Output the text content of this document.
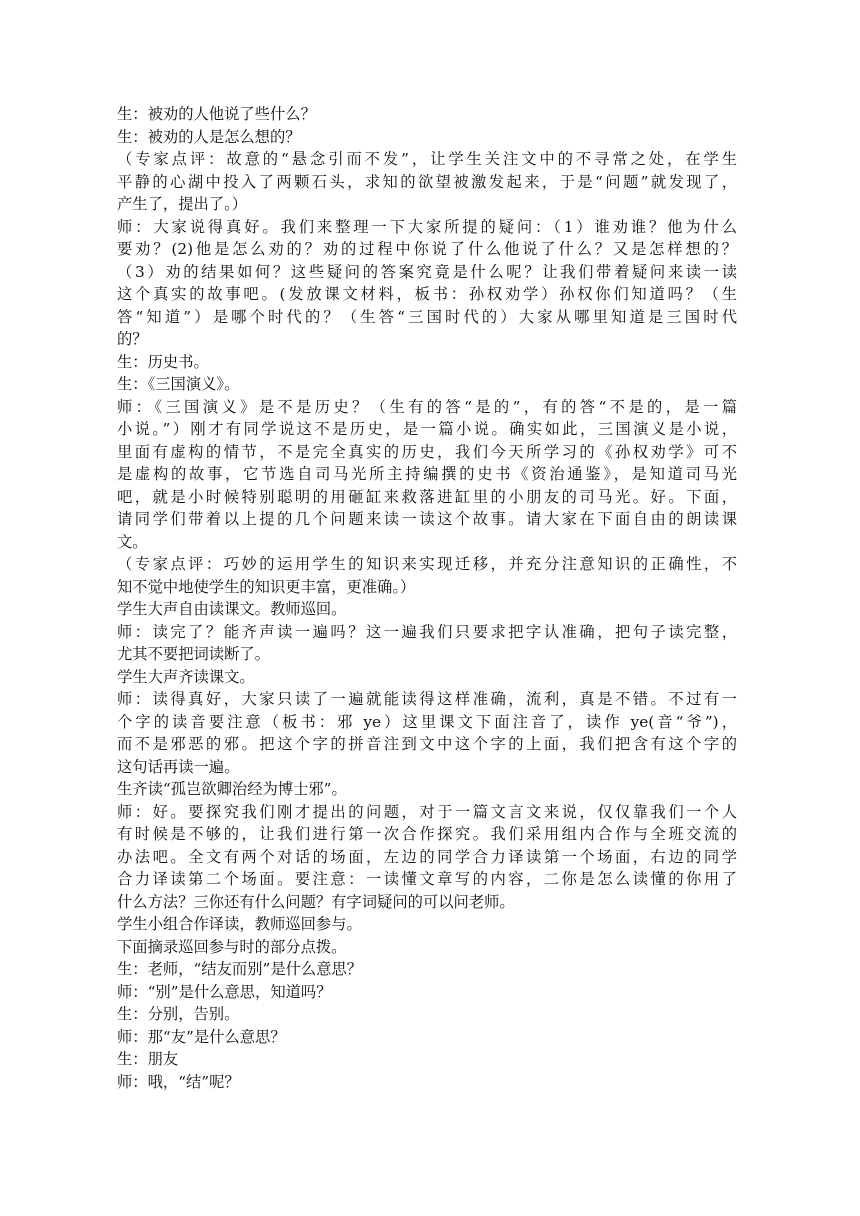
生：被劝的人他说了些什么？
生：被劝的人是怎么想的？
（专家点评：故意的“悬念引而不发”，让学生关注文中的不寻常之处，在学生
平静的心湖中投入了两颗石头，求知的欲望被激发起来，于是“问题”就发现了，
产生了，提出了。）
师：大家说得真好。我们来整理一下大家所提的疑问：（1）谁劝谁？他为什么
要劝？(2)他是怎么劝的？劝的过程中你说了什么他说了什么？又是怎样想的？
（3）劝的结果如何？这些疑问的答案究竟是什么呢？让我们带着疑问来读一读
这个真实的故事吧。(发放课文材料，板书：孙权劝学）孙权你们知道吗？（生
答“知道”）是哪个时代的？（生答“三国时代的）大家从哪里知道是三国时代
的？
生：历史书。
生：《三国演义》。
师：《三国演义》是不是历史？（生有的答“是的”，有的答“不是的，是一篇
小说。”）刚才有同学说这不是历史，是一篇小说。确实如此，三国演义是小说，
里面有虚构的情节，不是完全真实的历史，我们今天所学习的《孙权劝学》可不
是虚构的故事，它节选自司马光所主持编撰的史书《资治通鉴》，是知道司马光
吧，就是小时候特别聪明的用砸缸来救落进缸里的小朋友的司马光。好。下面，
请同学们带着以上提的几个问题来读一读这个故事。请大家在下面自由的朗读课
文。
（专家点评：巧妙的运用学生的知识来实现迁移，并充分注意知识的正确性，不
知不觉中地使学生的知识更丰富，更准确。）
学生大声自由读课文。教师巡回。
师：读完了？能齐声读一遍吗？这一遍我们只要求把字认准确，把句子读完整，
尤其不要把词读断了。
学生大声齐读课文。
师：读得真好，大家只读了一遍就能读得这样准确，流利，真是不错。不过有一
个字的读音要注意（板书：邪 ye）这里课文下面注音了，读作 ye(音“爷”)，
而不是邪恶的邪。把这个字的拼音注到文中这个字的上面，我们把含有这个字的
这句话再读一遍。
生齐读“孤岂欲卿治经为博士邪”。
师：好。要探究我们刚才提出的问题，对于一篇文言文来说，仅仅靠我们一个人
有时候是不够的，让我们进行第一次合作探究。我们采用组内合作与全班交流的
办法吧。全文有两个对话的场面，左边的同学合力译读第一个场面，右边的同学
合力译读第二个场面。要注意：一读懂文章写的内容，二你是怎么读懂的你用了
什么方法？三你还有什么问题？有字词疑问的可以问老师。
学生小组合作译读，教师巡回参与。
下面摘录巡回参与时的部分点拨。
生：老师，“结友而别”是什么意思？
师：“别”是什么意思，知道吗？
生：分别，告别。
师：那“友”是什么意思？
生：朋友
师：哦，“结”呢？
